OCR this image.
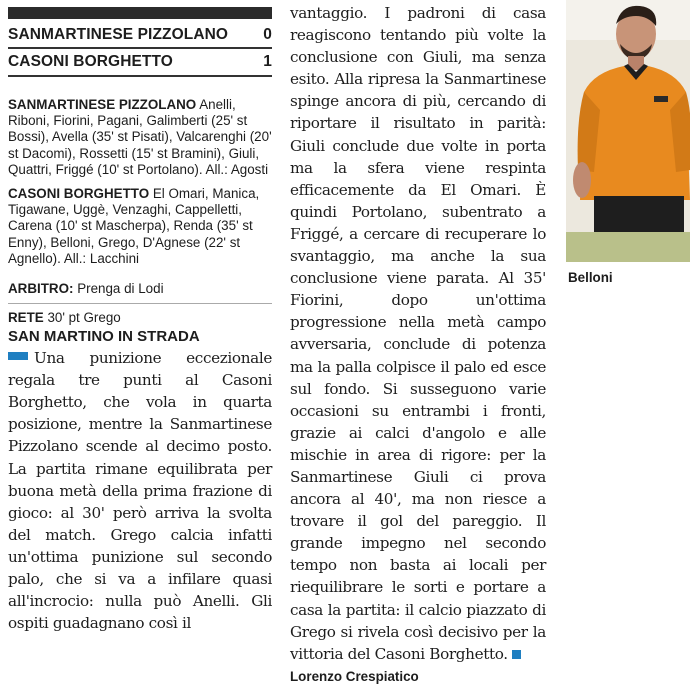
SANMARTINESE PIZZOLANO 0
CASONI BORGHETTO	1

SANMARTINESE PIZZOLANO Anelli, Riboni, Fiorini, Pagani, Galimberti (25' st Bossi), Avella (35' st Pisati), Valcarenghi (20' st Dacomi), Rossetti (15' st Bramini), Giuli, Quattri, Friggé (10' st Portolano). All.: Agosti

CASONI BORGHETTO El Omari, Manica, Tigawane, Uggè, Venzaghi, Cappelletti, Carena (10' st Mascherpa), Renda (35' st Enny), Belloni, Grego, D'Agnese (22' st Agnello). All.: Lacchini

ARBITRO: Prenga di Lodi
RETE 30' pt Grego
SAN MARTINO IN STRADA

Una punizione eccezionale regala tre punti al Casoni Borghetto, che vola in quarta posizione, mentre la Sanmartinese Pizzolano scende al decimo posto. La partita rimane equilibrata per buona metà della prima frazione di gioco: al 30' però arriva la svolta del match. Grego calcia infatti un'ottima punizione sul secondo palo, che si va a infilare quasi all'incrocio: nulla può Anelli. Gli ospiti guadagnano così il

vantaggio. I padroni di casa reagiscono tentando più volte la conclusione con Giuli, ma senza esito. Alla ripresa la Sanmartinese spinge ancora di più, cercando di riportare il risultato in parità: Giuli conclude due volte in porta ma la sfera viene respinta efficacemente da El Omari. È quindi Portolano, subentrato a Friggé, a cercare di recuperare lo svantaggio, ma anche la sua conclusione viene parata. Al 35' Fiorini, dopo un'ottima progressione nella metà campo avversaria, conclude di potenza ma la palla colpisce il palo ed esce sul fondo. Si susseguono varie occasioni su entrambi i fronti, grazie ai calci d'angolo e alle mischie in area di rigore: per la Sanmartinese Giuli ci prova ancora al 40', ma non riesce a trovare il gol del pareggio. Il grande impegno nel secondo tempo non basta ai locali per riequilibrare le sorti e portare a casa la partita: il calcio piazzato di Grego si rivela così decisivo per la vittoria del Casoni Borghetto.

Lorenzo Crespiatico
Belloni
